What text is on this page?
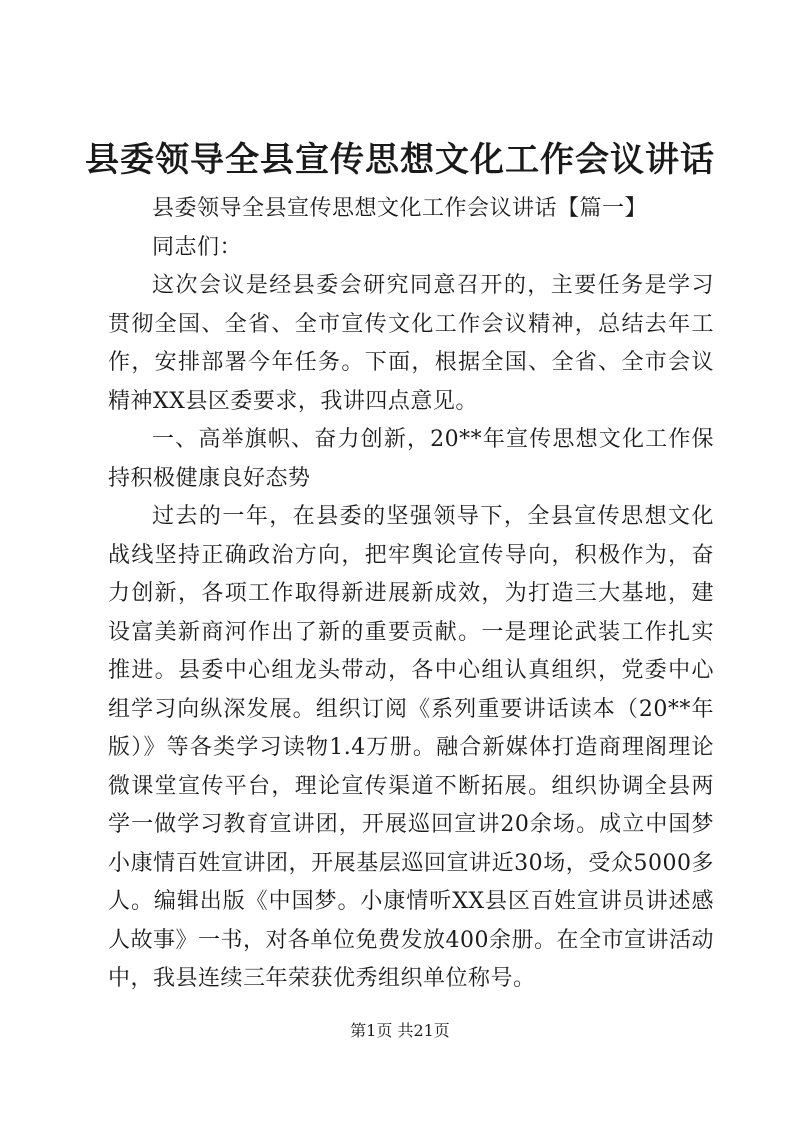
县委领导全县宣传思想文化工作会议讲话

县委领导全县宣传思想文化工作会议讲话【篇一】

同志们：

这次会议是经县委会研究同意召开的，主要任务是学习贯彻全国、全省、全市宣传文化工作会议精神，总结去年工作，安排部署今年任务。下面，根据全国、全省、全市会议精神XX县区委要求，我讲四点意见。

一、高举旗帜、奋力创新，20**年宣传思想文化工作保持积极健康良好态势

过去的一年，在县委的坚强领导下，全县宣传思想文化战线坚持正确政治方向，把牢舆论宣传导向，积极作为，奋力创新，各项工作取得新进展新成效，为打造三大基地，建设富美新商河作出了新的重要贡献。一是理论武装工作扎实推进。县委中心组龙头带动，各中心组认真组织，党委中心组学习向纵深发展。组织订阅《系列重要讲话读本（20**年版）》等各类学习读物1.4万册。融合新媒体打造商理阁理论微课堂宣传平台，理论宣传渠道不断拓展。组织协调全县两学一做学习教育宣讲团，开展巡回宣讲20余场。成立中国梦小康情百姓宣讲团，开展基层巡回宣讲近30场，受众5000多人。编辑出版《中国梦。小康情听XX县区百姓宣讲员讲述感人故事》一书，对各单位免费发放400余册。在全市宣讲活动中，我县连续三年荣获优秀组织单位称号。

第1页 共21页
